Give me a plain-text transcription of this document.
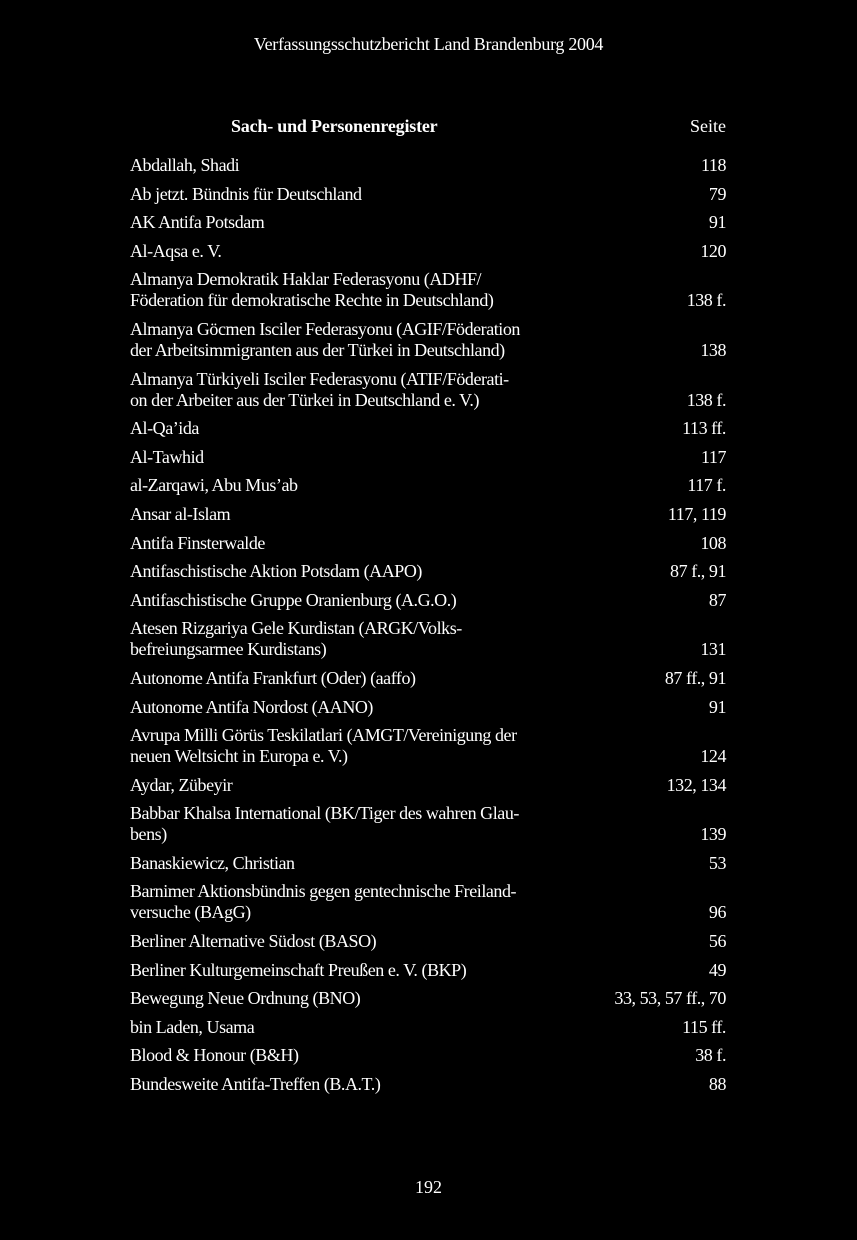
Verfassungsschutzbericht Land Brandenburg 2004
Sach- und Personenregister	Seite
Abdallah, Shadi	118
Ab jetzt. Bündnis für Deutschland	79
AK Antifa Potsdam	91
Al-Aqsa e. V.	120
Almanya Demokratik Haklar Federasyonu (ADHF/
Föderation für demokratische Rechte in Deutschland)	138 f.
Almanya Göcmen Isciler Federasyonu (AGIF/Föderation
der Arbeitsimmigranten aus der Türkei in Deutschland)	138
Almanya Türkiyeli Isciler Federasyonu (ATIF/Föderati-
on der Arbeiter aus der Türkei in Deutschland e. V.)	138 f.
Al-Qa’ida	113 ff.
Al-Tawhid	117
al-Zarqawi, Abu Mus’ab	117 f.
Ansar al-Islam	117, 119
Antifa Finsterwalde	108
Antifaschistische Aktion Potsdam (AAPO)	87 f., 91
Antifaschistische Gruppe Oranienburg (A.G.O.)	87
Atesen Rizgariya Gele Kurdistan (ARGK/Volks-
befreiungsarmee Kurdistans)	131
Autonome Antifa Frankfurt (Oder) (aaffo)	87 ff., 91
Autonome Antifa Nordost (AANO)	91
Avrupa Milli Görüs Teskilatlari (AMGT/Vereinigung der
neuen Weltsicht in Europa e. V.)	124
Aydar, Zübeyir	132, 134
Babbar Khalsa International (BK/Tiger des wahren Glau-
bens)	139
Banaskiewicz, Christian	53
Barnimer Aktionsbündnis gegen gentechnische Freiland-
versuche (BAgG)	96
Berliner Alternative Südost (BASO)	56
Berliner Kulturgemeinschaft Preußen e. V. (BKP)	49
Bewegung Neue Ordnung (BNO)	33, 53, 57 ff., 70
bin Laden, Usama	115 ff.
Blood & Honour (B&H)	38 f.
Bundesweite Antifa-Treffen (B.A.T.)	88
192
